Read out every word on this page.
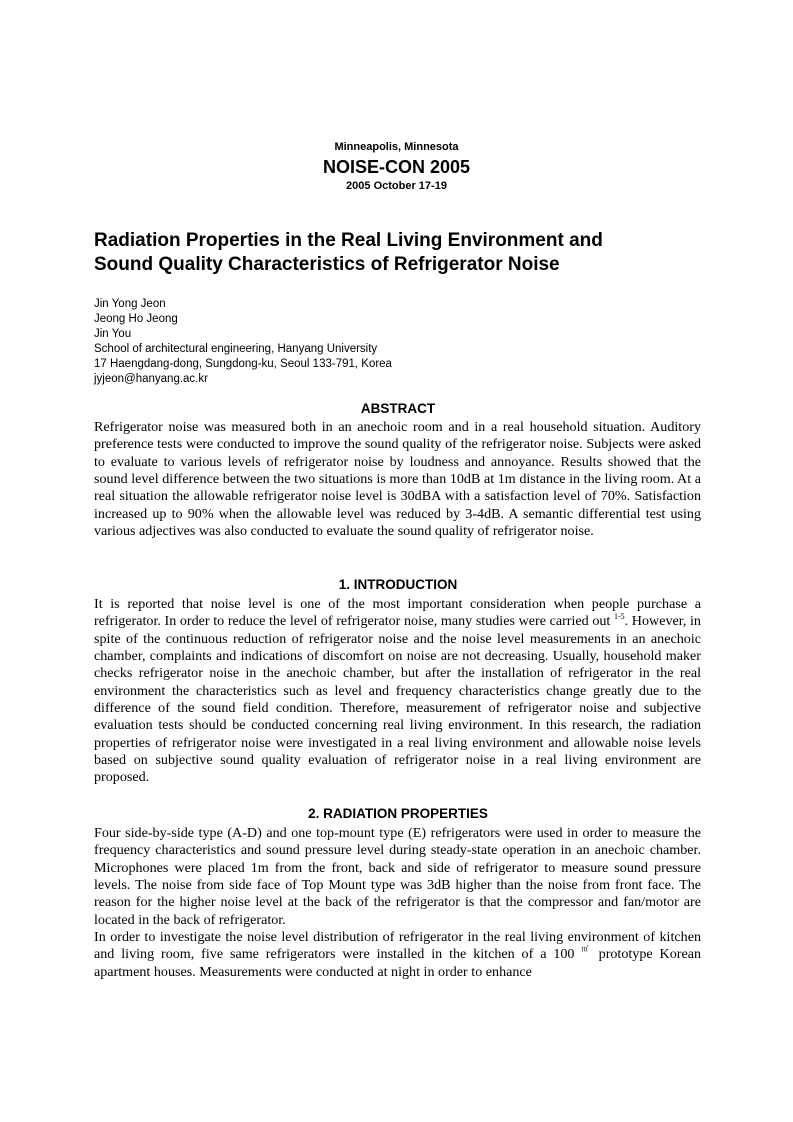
Minneapolis, Minnesota
NOISE-CON 2005
2005 October 17-19
Radiation Properties in the Real Living Environment and
Sound Quality Characteristics of Refrigerator Noise
Jin Yong Jeon
Jeong Ho Jeong
Jin You
School of architectural engineering, Hanyang University
17 Haengdang-dong, Sungdong-ku, Seoul 133-791, Korea
jyjeon@hanyang.ac.kr
ABSTRACT

Refrigerator noise was measured both in an anechoic room and in a real household situation. Auditory preference tests were conducted to improve the sound quality of the refrigerator noise. Subjects were asked to evaluate to various levels of refrigerator noise by loudness and annoyance. Results showed that the sound level difference between the two situations is more than 10dB at 1m distance in the living room. At a real situation the allowable refrigerator noise level is 30dBA with a satisfaction level of 70%. Satisfaction increased up to 90% when the allowable level was reduced by 3-4dB. A semantic differential test using various adjectives was also conducted to evaluate the sound quality of refrigerator noise.

1. INTRODUCTION

It is reported that noise level is one of the most important consideration when people purchase a refrigerator. In order to reduce the level of refrigerator noise, many studies were carried out $^{1-5}$. However, in spite of the continuous reduction of refrigerator noise and the noise level measurements in an anechoic chamber, complaints and indications of discomfort on noise are not decreasing. Usually, household maker checks refrigerator noise in the anechoic chamber, but after the installation of refrigerator in the real environment the characteristics such as level and frequency characteristics change greatly due to the difference of the sound field condition. Therefore, measurement of refrigerator noise and subjective evaluation tests should be conducted concerning real living environment. In this research, the radiation properties of refrigerator noise were investigated in a real living environment and allowable noise levels based on subjective sound quality evaluation of refrigerator noise in a real living environment are proposed.

2. RADIATION PROPERTIES

Four side-by-side type (A-D) and one top-mount type (E) refrigerators were used in order to measure the frequency characteristics and sound pressure level during steady-state operation in an anechoic chamber. Microphones were placed 1m from the front, back and side of refrigerator to measure sound pressure levels. The noise from side face of Top Mount type was 3dB higher than the noise from front face. The reason for the higher noise level at the back of the refrigerator is that the compressor and fan/motor are located in the back of refrigerator.

In order to investigate the noise level distribution of refrigerator in the real living environment of kitchen and living room, five same refrigerators were installed in the kitchen of a 100 ㎡ prototype Korean apartment houses. Measurements were conducted at night in order to enhance
